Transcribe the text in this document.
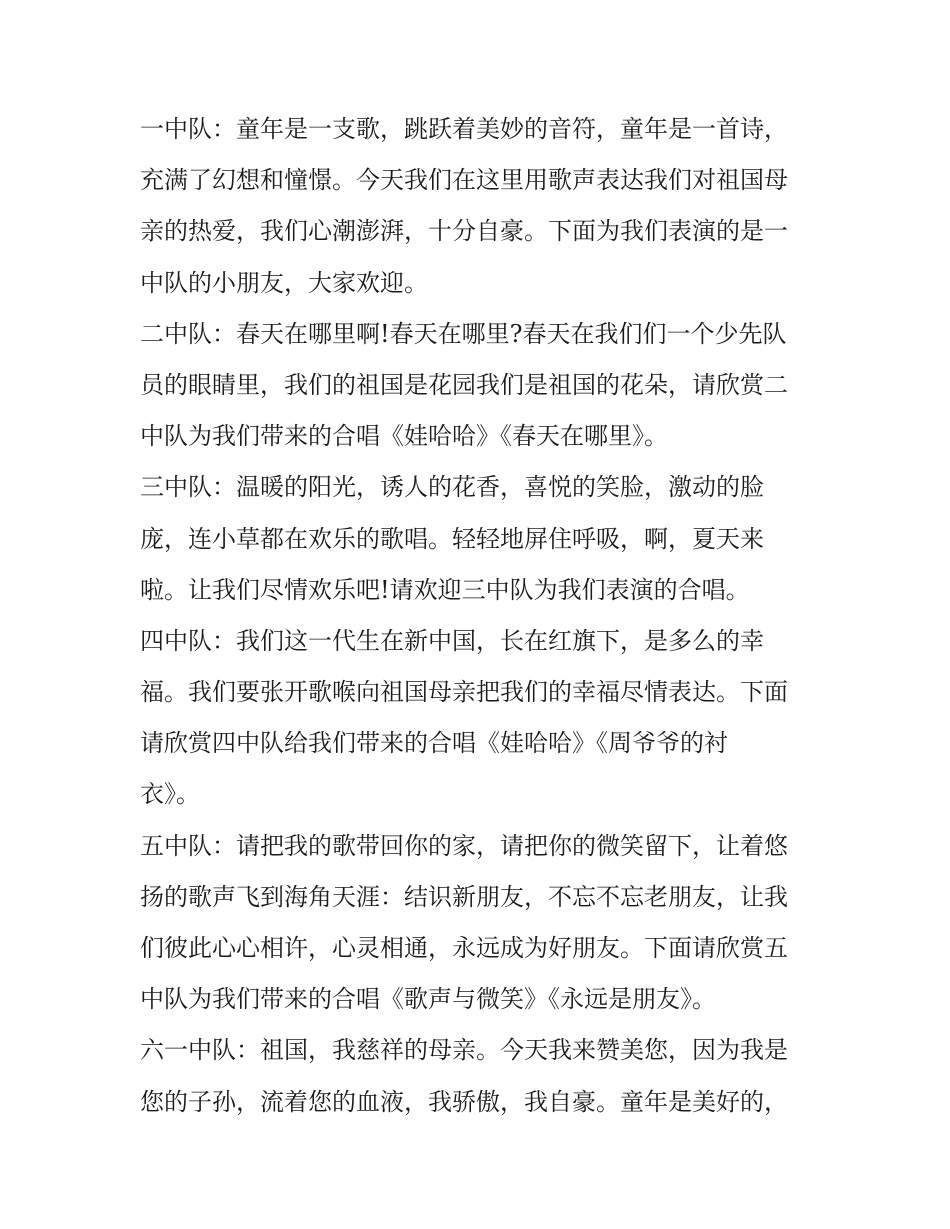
一中队：童年是一支歌，跳跃着美妙的音符，童年是一首诗，
充满了幻想和憧憬。今天我们在这里用歌声表达我们对祖国母
亲的热爱，我们心潮澎湃，十分自豪。下面为我们表演的是一
中队的小朋友，大家欢迎。
二中队：春天在哪里啊!春天在哪里?春天在我们们一个少先队
员的眼睛里，我们的祖国是花园我们是祖国的花朵，请欣赏二
中队为我们带来的合唱《娃哈哈》《春天在哪里》。
三中队：温暖的阳光，诱人的花香，喜悦的笑脸，激动的脸
庞，连小草都在欢乐的歌唱。轻轻地屏住呼吸，啊，夏天来
啦。让我们尽情欢乐吧!请欢迎三中队为我们表演的合唱。
四中队：我们这一代生在新中国，长在红旗下，是多么的幸
福。我们要张开歌喉向祖国母亲把我们的幸福尽情表达。下面
请欣赏四中队给我们带来的合唱《娃哈哈》《周爷爷的衬
衣》。
五中队：请把我的歌带回你的家，请把你的微笑留下，让着悠
扬的歌声飞到海角天涯：结识新朋友，不忘不忘老朋友，让我
们彼此心心相许，心灵相通，永远成为好朋友。下面请欣赏五
中队为我们带来的合唱《歌声与微笑》《永远是朋友》。
六一中队：祖国，我慈祥的母亲。今天我来赞美您，因为我是
您的子孙，流着您的血液，我骄傲，我自豪。童年是美好的，
